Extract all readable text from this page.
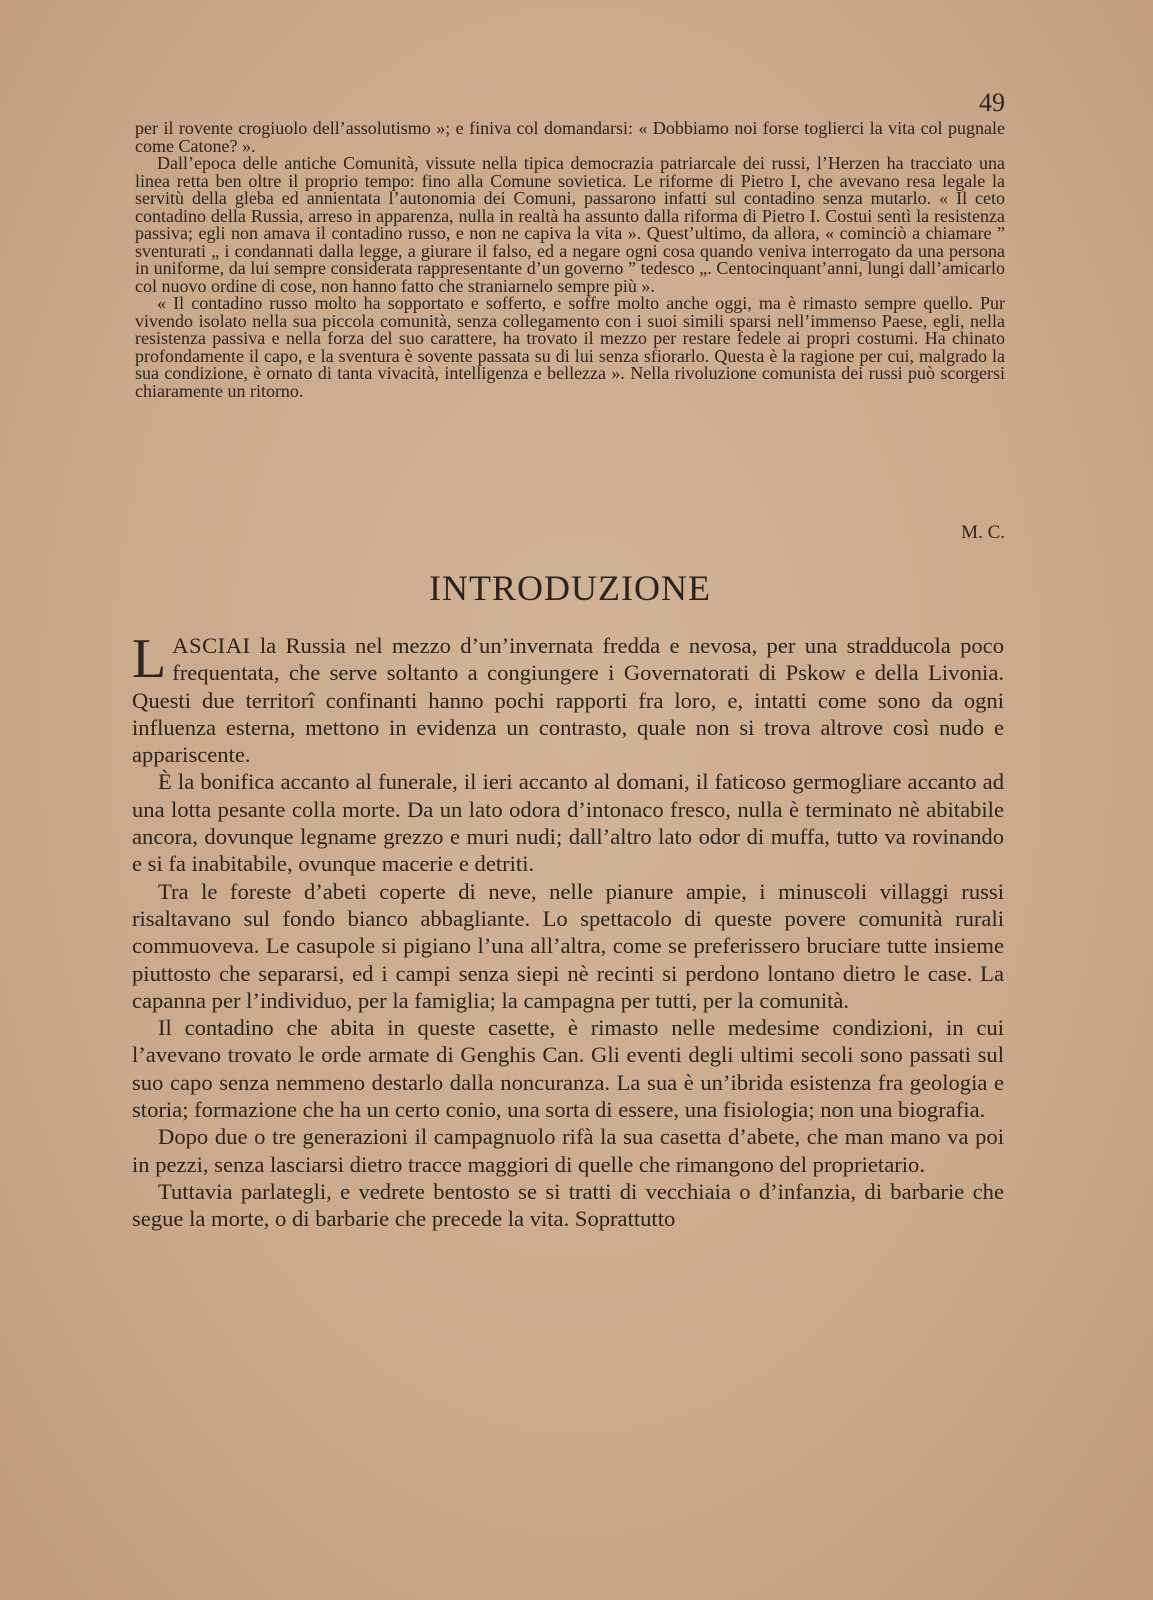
49

per il rovente crogiuolo dell’assolutismo »; e finiva col domandarsi: « Dobbiamo noi forse toglierci la vita col pugnale come Catone? ».

Dall’epoca delle antiche Comunità, vissute nella tipica democrazia patriarcale dei russi, l’Herzen ha tracciato una linea retta ben oltre il proprio tempo: fino alla Comune sovietica. Le riforme di Pietro I, che avevano resa legale la servitù della gleba ed annientata l’autonomia dei Comuni, passarono infatti sul contadino senza mutarlo. « Il ceto contadino della Russia, arreso in apparenza, nulla in realtà ha assunto dalla riforma di Pietro I. Costui sentì la resistenza passiva; egli non amava il contadino russo, e non ne capiva la vita ». Quest’ultimo, da allora, « cominciò a chiamare ” sventurati „ i condannati dalla legge, a giurare il falso, ed a negare ogni cosa quando veniva interrogato da una persona in uniforme, da lui sempre considerata rappresentante d’un governo ” tedesco „. Centocinquant’anni, lungi dall’amicarlo col nuovo ordine di cose, non hanno fatto che straniarnelo sempre più ».

« Il contadino russo molto ha sopportato e sofferto, e soffre molto anche oggi, ma è rimasto sempre quello. Pur vivendo isolato nella sua piccola comunità, senza collegamento con i suoi simili sparsi nell’immenso Paese, egli, nella resistenza passiva e nella forza del suo carattere, ha trovato il mezzo per restare fedele ai propri costumi. Ha chinato profondamente il capo, e la sventura è sovente passata su di lui senza sfiorarlo. Questa è la ragione per cui, malgrado la sua condizione, è ornato di tanta vivacità, intelligenza e bellezza ». Nella rivoluzione comunista dei russi può scorgersi chiaramente un ritorno.

M. C.
INTRODUZIONE

LASCIAI la Russia nel mezzo d’un’invernata fredda e nevosa, per una stradducola poco frequentata, che serve soltanto a congiungere i Governatorati di Pskow e della Livonia. Questi due territorî confinanti hanno pochi rapporti fra loro, e, intatti come sono da ogni influenza esterna, mettono in evidenza un contrasto, quale non si trova altrove così nudo e appariscente.

È la bonifica accanto al funerale, il ieri accanto al domani, il faticoso germogliare accanto ad una lotta pesante colla morte. Da un lato odora d’intonaco fresco, nulla è terminato nè abitabile ancora, dovunque legname grezzo e muri nudi; dall’altro lato odor di muffa, tutto va rovinando e si fa inabitabile, ovunque macerie e detriti.

Tra le foreste d’abeti coperte di neve, nelle pianure ampie, i minuscoli villaggi russi risaltavano sul fondo bianco abbagliante. Lo spettacolo di queste povere comunità rurali commuoveva. Le casupole si pigiano l’una all’altra, come se preferissero bruciare tutte insieme piuttosto che separarsi, ed i campi senza siepi nè recinti si perdono lontano dietro le case. La capanna per l’individuo, per la famiglia; la campagna per tutti, per la comunità.

Il contadino che abita in queste casette, è rimasto nelle medesime condizioni, in cui l’avevano trovato le orde armate di Genghis Can. Gli eventi degli ultimi secoli sono passati sul suo capo senza nemmeno destarlo dalla noncuranza. La sua è un’ibrida esistenza fra geologia e storia; formazione che ha un certo conio, una sorta di essere, una fisiologia; non una biografia.

Dopo due o tre generazioni il campagnuolo rifà la sua casetta d’abete, che man mano va poi in pezzi, senza lasciarsi dietro tracce maggiori di quelle che rimangono del proprietario.

Tuttavia parlategli, e vedrete bentosto se si tratti di vecchiaia o d’infanzia, di barbarie che segue la morte, o di barbarie che precede la vita. Soprattutto
